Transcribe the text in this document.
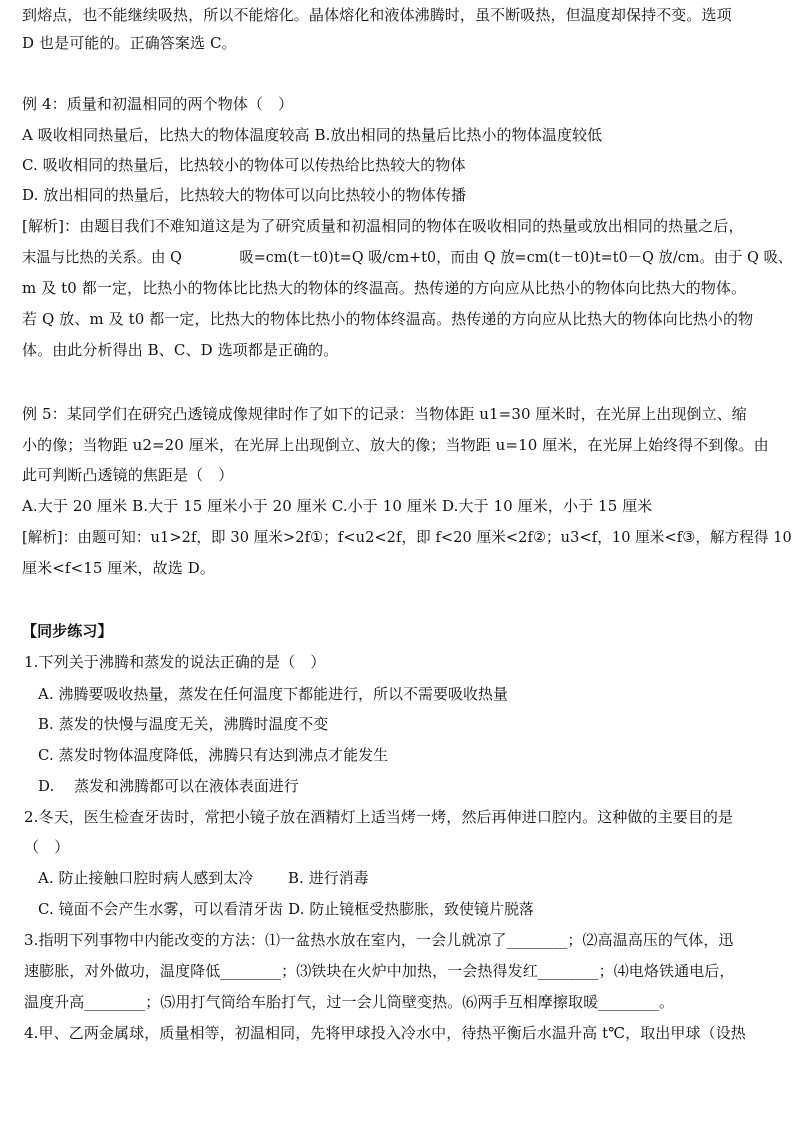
到熔点，也不能继续吸热，所以不能熔化。晶体熔化和液体沸腾时，虽不断吸热，但温度却保持不变。选项
D 也是可能的。正确答案选 C。
例 4：质量和初温相同的两个物体（　）
A 吸收相同热量后，比热大的物体温度较高 B.放出相同的热量后比热小的物体温度较低
C. 吸收相同的热量后，比热较小的物体可以传热给比热较大的物体
D. 放出相同的热量后，比热较大的物体可以向比热较小的物体传播
[解析]：由题目我们不难知道这是为了研究质量和初温相同的物体在吸收相同的热量或放出相同的热量之后，
末温与比热的关系。由 Q　　　　吸=cm(t－t0)t=Q 吸/cm+t0，而由 Q 放=cm(t－t0)t=t0－Q 放/cm。由于 Q 吸、
m 及 t0 都一定，比热小的物体比比热大的物体的终温高。热传递的方向应从比热小的物体向比热大的物体。
若 Q 放、m 及 t0 都一定，比热大的物体比热小的物体终温高。热传递的方向应从比热大的物体向比热小的物
体。由此分析得出 B、C、D 选项都是正确的。
例 5：某同学们在研究凸透镜成像规律时作了如下的记录：当物体距 u1=30 厘米时，在光屏上出现倒立、缩
小的像；当物距 u2=20 厘米，在光屏上出现倒立、放大的像；当物距 u=10 厘米，在光屏上始终得不到像。由
此可判断凸透镜的焦距是（　）
A.大于 20 厘米 B.大于 15 厘米小于 20 厘米 C.小于 10 厘米 D.大于 10 厘米，小于 15 厘米
[解析]：由题可知：u1>2f，即 30 厘米>2f①；f<u2<2f，即 f<20 厘米<2f②；u3<f，10 厘米<f③，解方程得 10
厘米<f<15 厘米，故选 D。
【同步练习】
1.下列关于沸腾和蒸发的说法正确的是（　）
A. 沸腾要吸收热量，蒸发在任何温度下都能进行，所以不需要吸收热量
B. 蒸发的快慢与温度无关，沸腾时温度不变
C. 蒸发时物体温度降低，沸腾只有达到沸点才能发生
D.　 蒸发和沸腾都可以在液体表面进行
2.冬天，医生检查牙齿时，常把小镜子放在酒精灯上适当烤一烤，然后再伸进口腔内。这种做的主要目的是
（　）
A. 防止接触口腔时病人感到太冷　　 B. 进行消毒
C. 镜面不会产生水雾，可以看清牙齿 D. 防止镜框受热膨胀，致使镜片脱落
3.指明下列事物中内能改变的方法：⑴一盆热水放在室内，一会儿就凉了________；⑵高温高压的气体，迅
速膨胀，对外做功，温度降低________；⑶铁块在火炉中加热，一会热得发红________；⑷电烙铁通电后，
温度升高________；⑸用打气筒给车胎打气，过一会儿筒壁变热。⑹两手互相摩擦取暖________。
4.甲、乙两金属球，质量相等，初温相同，先将甲球投入冷水中，待热平衡后水温升高 t℃，取出甲球（设热
